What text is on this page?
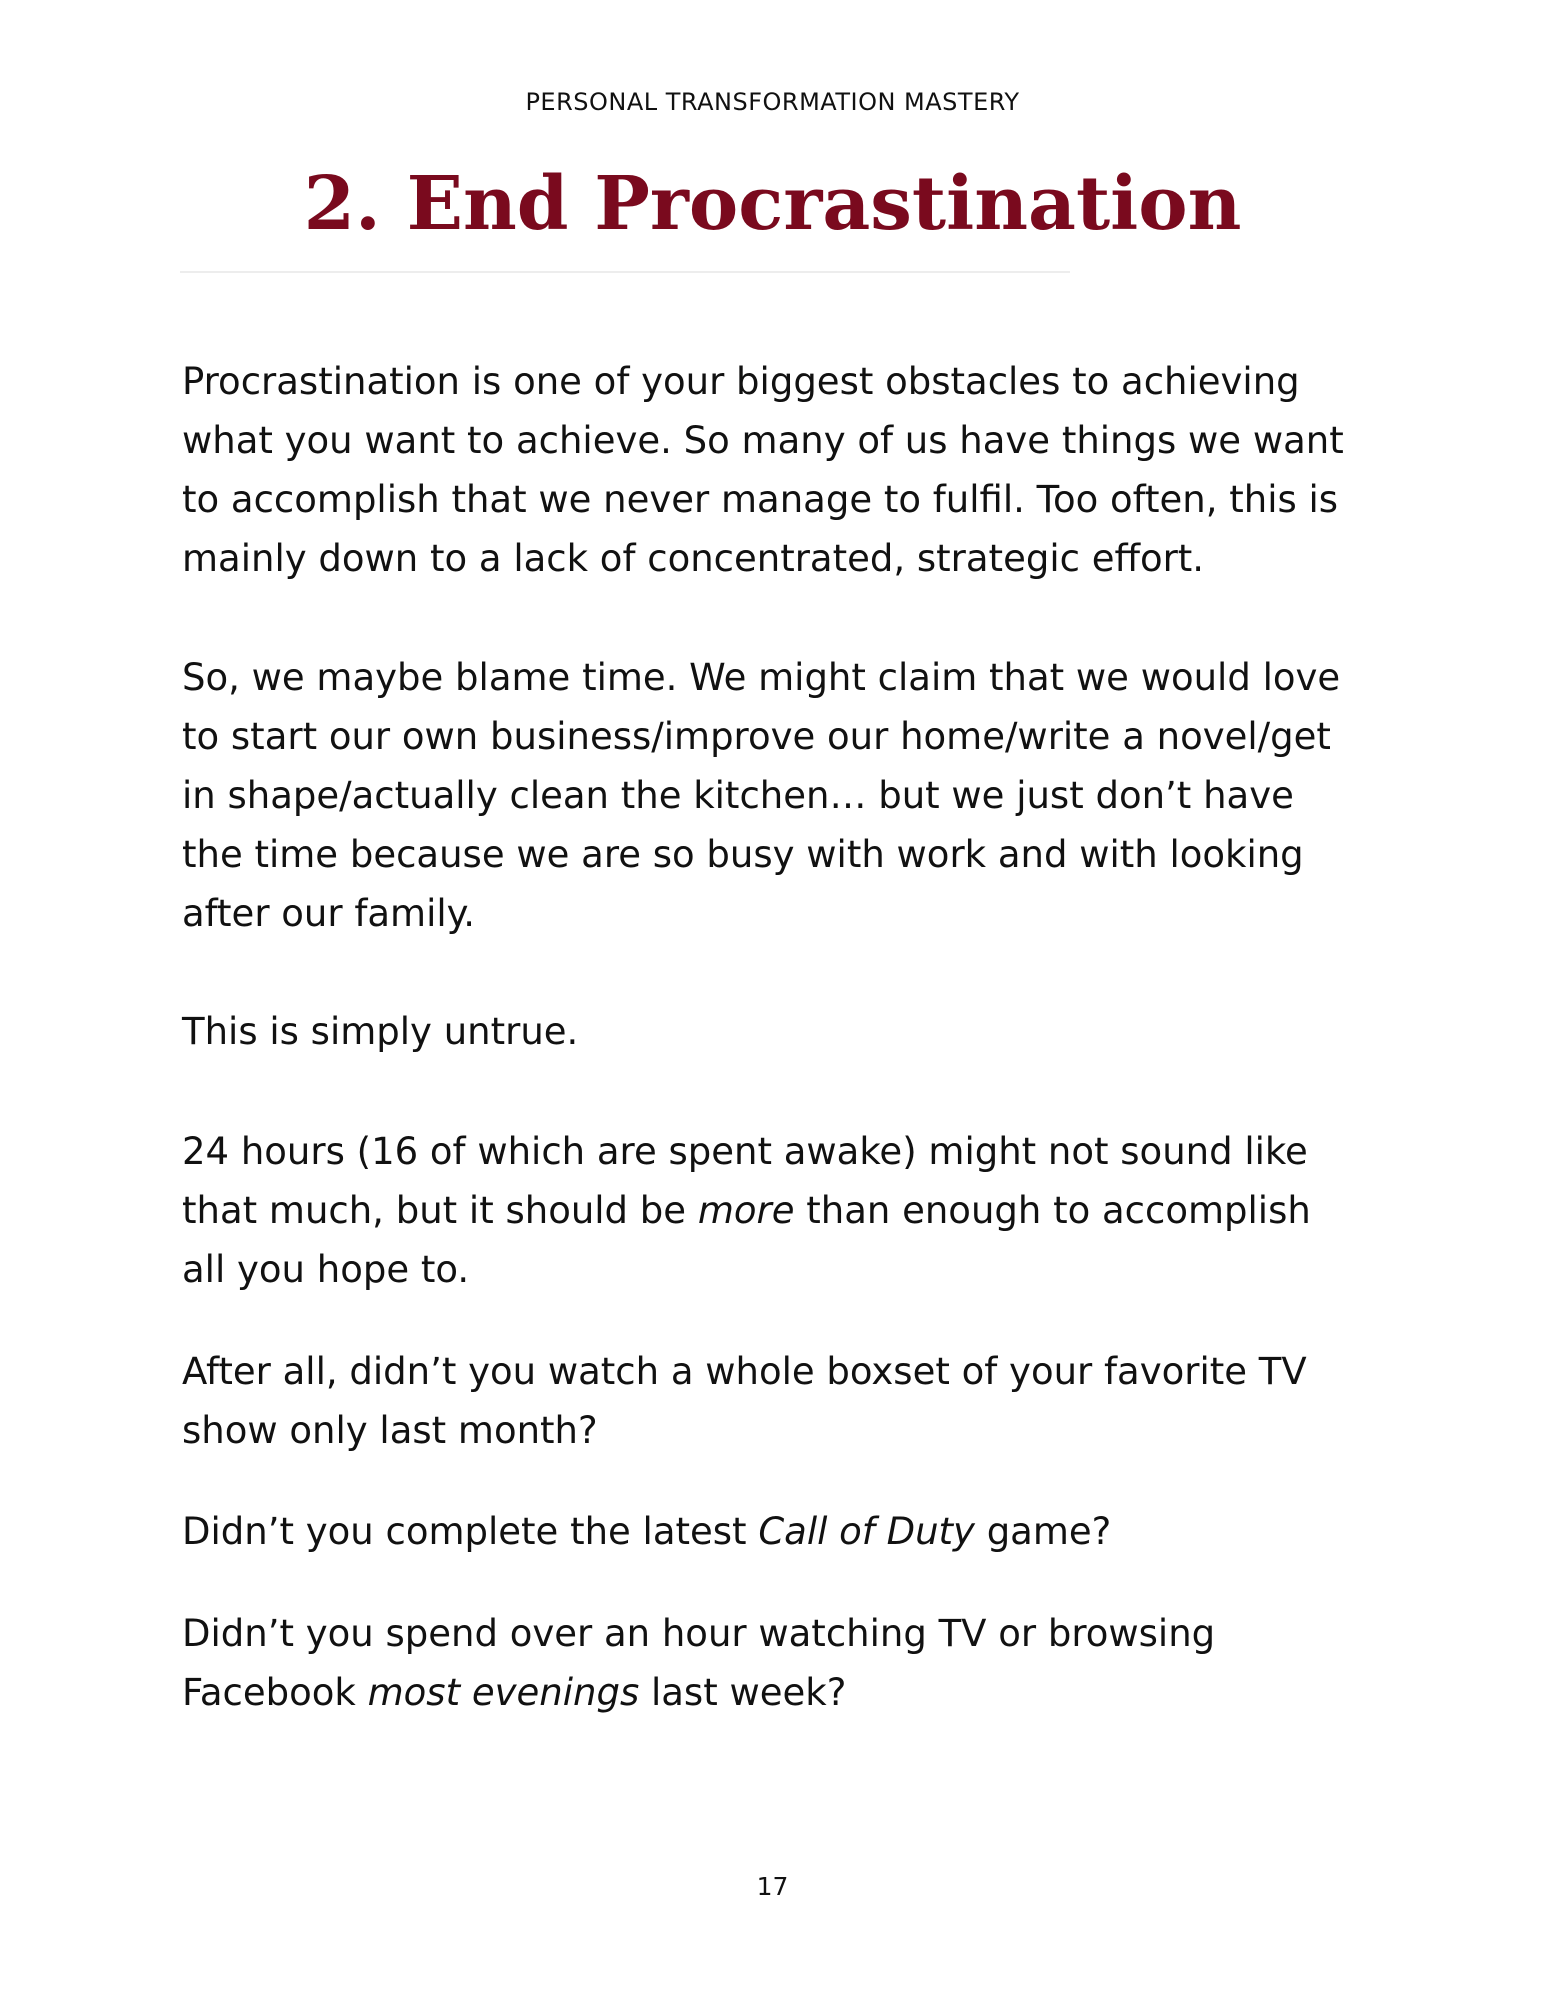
PERSONAL TRANSFORMATION MASTERY
2. End Procrastination

Procrastination is one of your biggest obstacles to achieving what you want to achieve. So many of us have things we want to accomplish that we never manage to fulfil. Too often, this is mainly down to a lack of concentrated, strategic effort.

So, we maybe blame time. We might claim that we would love to start our own business/improve our home/write a novel/get in shape/actually clean the kitchen… but we just don’t have the time because we are so busy with work and with looking after our family.

This is simply untrue.

24 hours (16 of which are spent awake) might not sound like that much, but it should be more than enough to accomplish all you hope to.

After all, didn’t you watch a whole boxset of your favorite TV show only last month?

Didn’t you complete the latest Call of Duty game?

Didn’t you spend over an hour watching TV or browsing Facebook most evenings last week?

17
